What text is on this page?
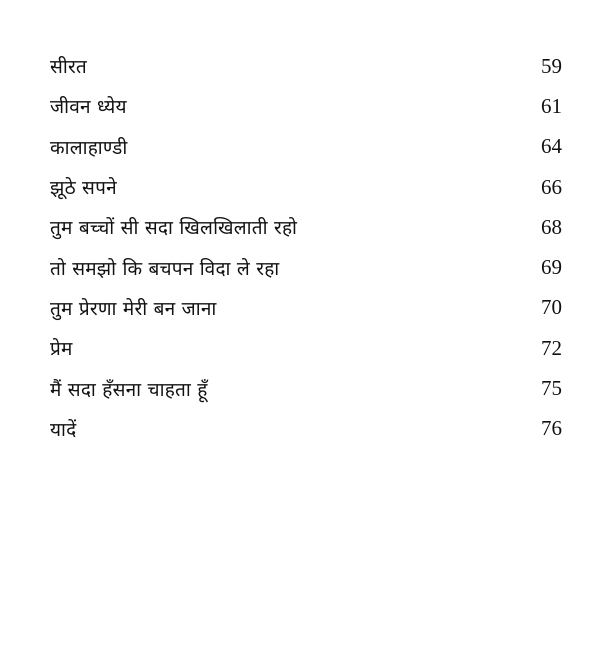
सीरत	59
जीवन ध्येय	61
कालाहाण्डी	64
झूठे सपने	66
तुम बच्चों सी सदा खिलखिलाती रहो	68
तो समझो कि बचपन विदा ले रहा	69
तुम प्रेरणा मेरी बन जाना	70
प्रेम	72
मैं सदा हँसना चाहता हूँ	75
यादें	76
